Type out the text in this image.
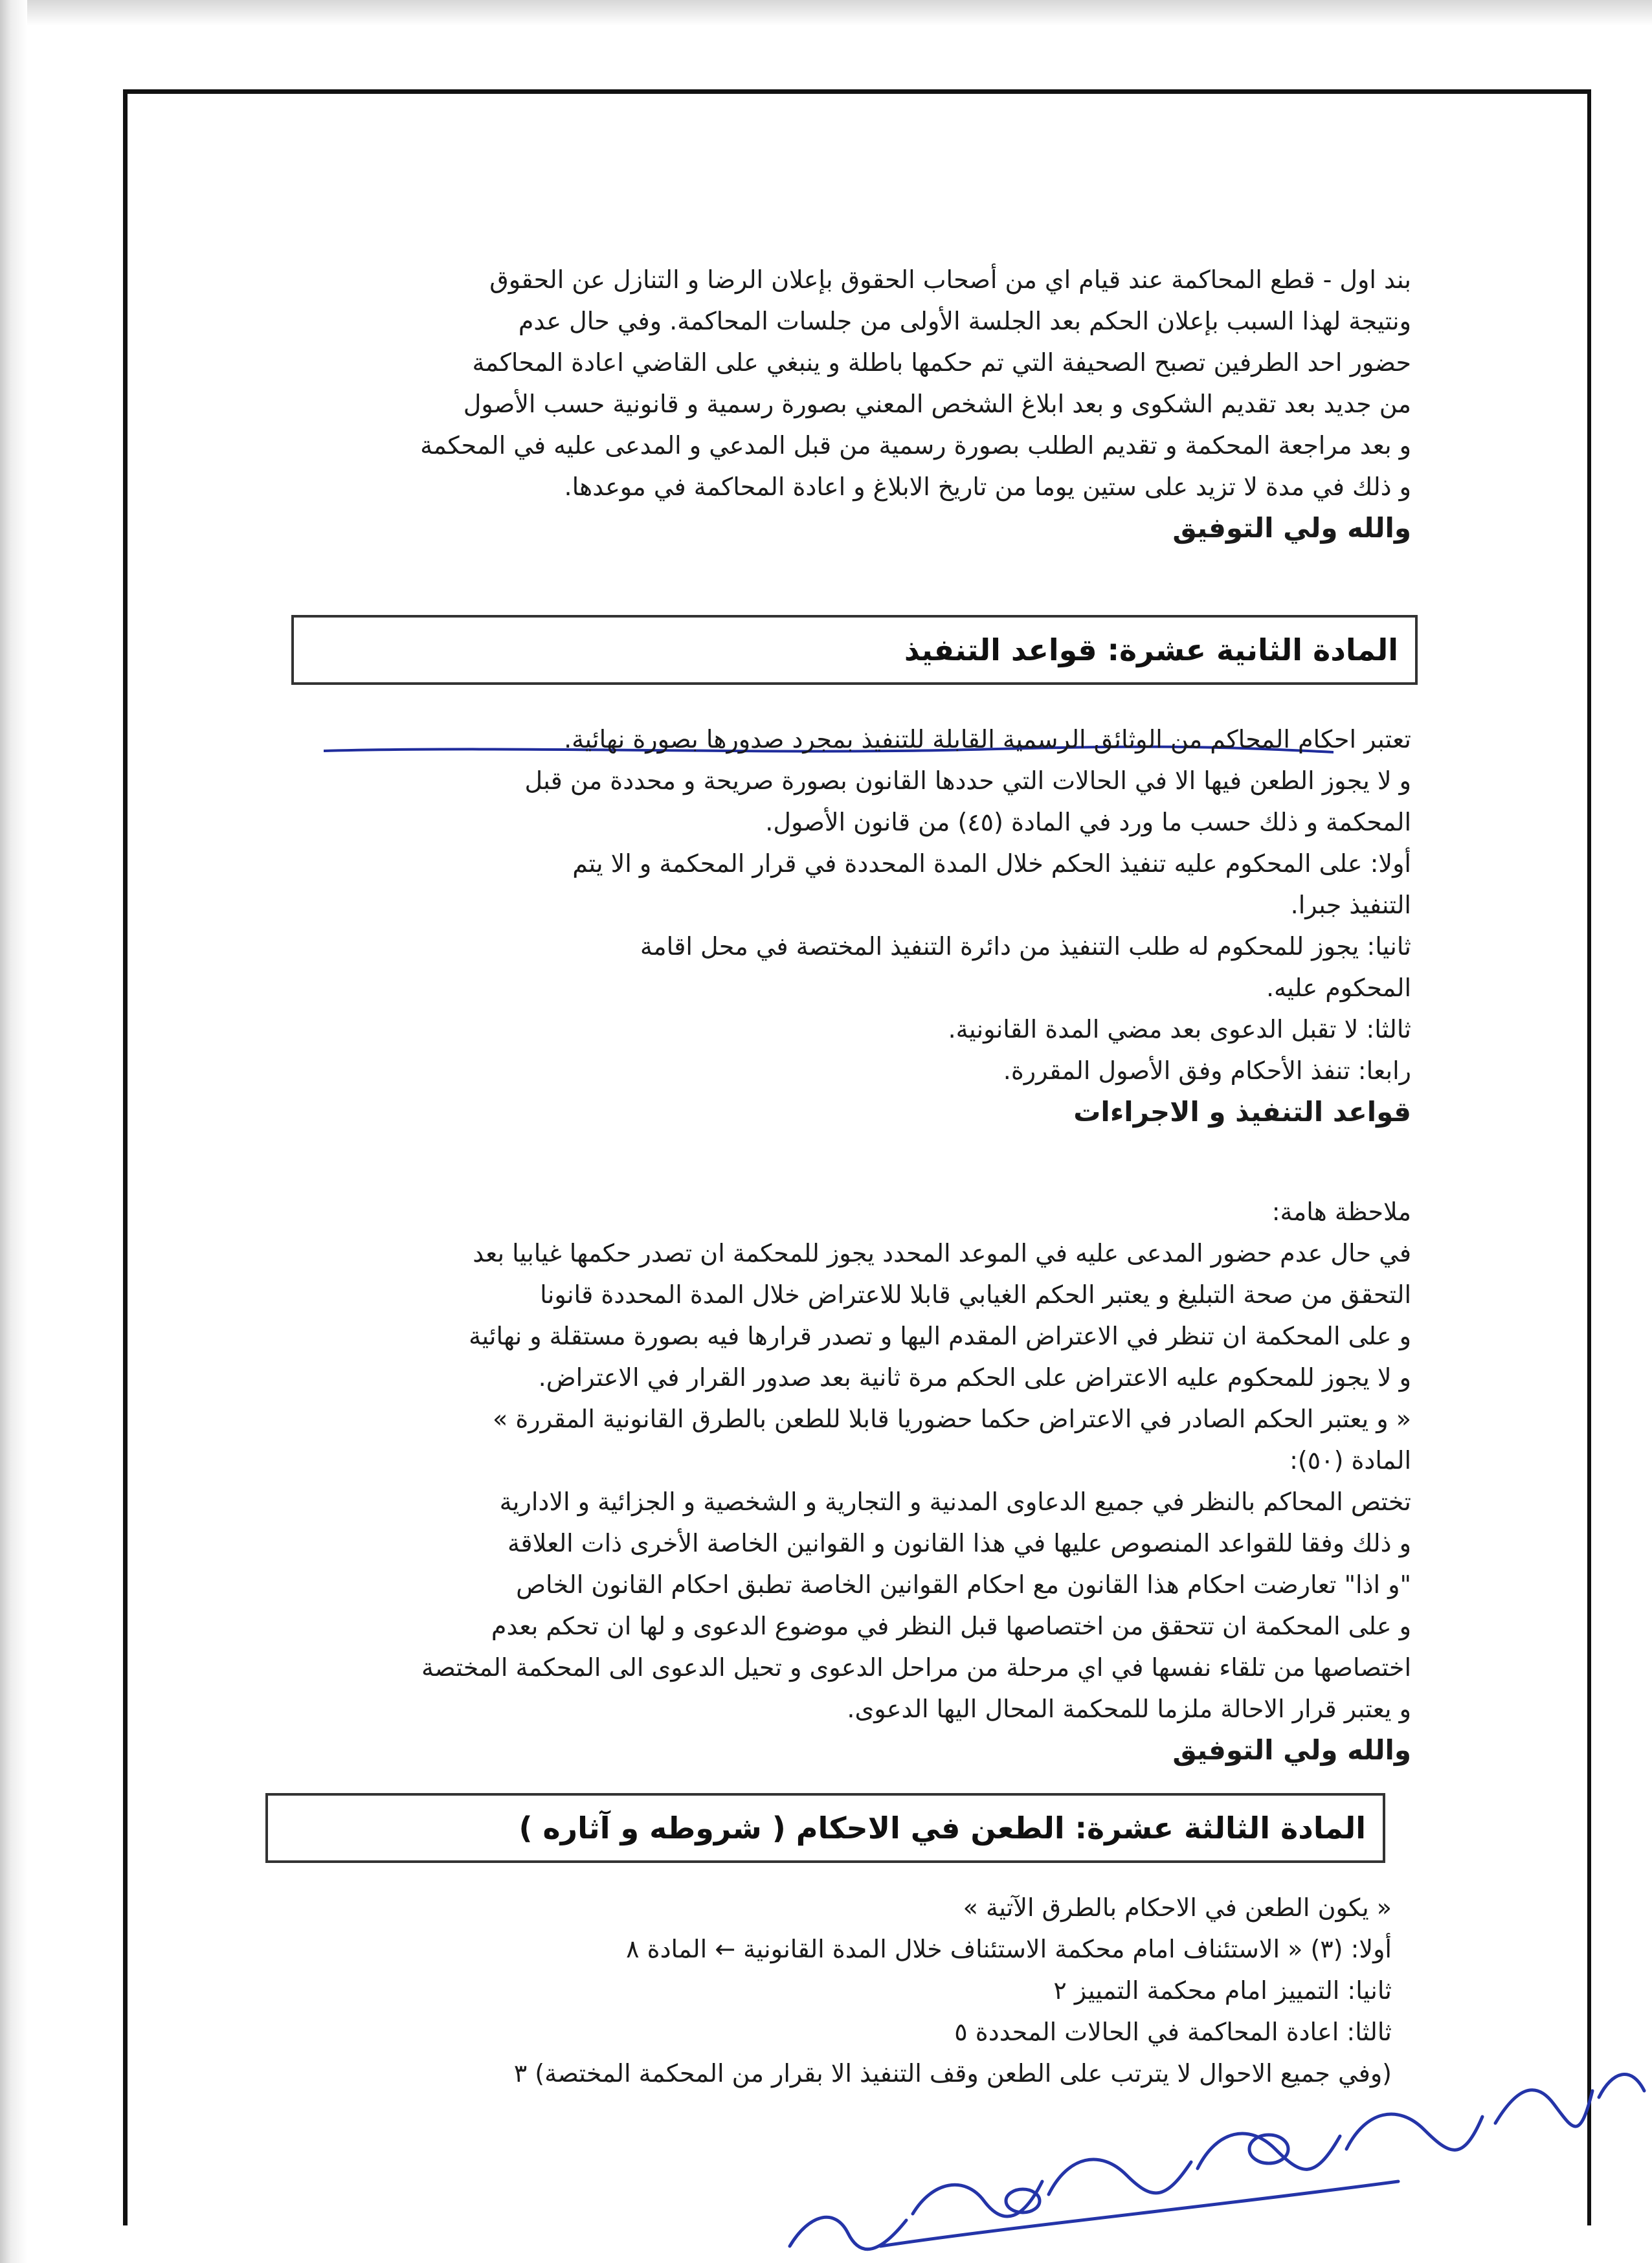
بند اول - قطع المحاكمة عند قيام اي من أصحاب الحقوق بإعلان الرضا و التنازل عن الحقوق
ونتيجة لهذا السبب بإعلان الحكم بعد الجلسة الأولى من جلسات المحاكمة. وفي حال عدم
حضور احد الطرفين تصبح الصحيفة التي تم حكمها باطلة و ينبغي على القاضي اعادة المحاكمة
من جديد بعد تقديم الشكوى و بعد ابلاغ الشخص المعني بصورة رسمية و قانونية حسب الأصول
و بعد مراجعة المحكمة و تقديم الطلب بصورة رسمية من قبل المدعي و المدعى عليه في المحكمة
و ذلك في مدة لا تزيد على ستين يوما من تاريخ الابلاغ و اعادة المحاكمة في موعدها.
والله ولي التوفيق
المادة الثانية عشرة: قواعد التنفيذ
تعتبر احكام المحاكم من الوثائق الرسمية القابلة للتنفيذ بمجرد صدورها بصورة نهائية.
و لا يجوز الطعن فيها الا في الحالات التي حددها القانون بصورة صريحة و محددة من قبل
المحكمة و ذلك حسب ما ورد في المادة (٤٥) من قانون الأصول.
أولا: على المحكوم عليه تنفيذ الحكم خلال المدة المحددة في قرار المحكمة و الا يتم
التنفيذ جبرا.
ثانيا: يجوز للمحكوم له طلب التنفيذ من دائرة التنفيذ المختصة في محل اقامة
المحكوم عليه.
ثالثا: لا تقبل الدعوى بعد مضي المدة القانونية.
رابعا: تنفذ الأحكام وفق الأصول المقررة.
قواعد التنفيذ و الاجراءات
ملاحظة هامة:
في حال عدم حضور المدعى عليه في الموعد المحدد يجوز للمحكمة ان تصدر حكمها غيابيا بعد
التحقق من صحة التبليغ و يعتبر الحكم الغيابي قابلا للاعتراض خلال المدة المحددة قانونا
و على المحكمة ان تنظر في الاعتراض المقدم اليها و تصدر قرارها فيه بصورة مستقلة و نهائية
و لا يجوز للمحكوم عليه الاعتراض على الحكم مرة ثانية بعد صدور القرار في الاعتراض.
« و يعتبر الحكم الصادر في الاعتراض حكما حضوريا قابلا للطعن بالطرق القانونية المقررة »
المادة (٥٠):
تختص المحاكم بالنظر في جميع الدعاوى المدنية و التجارية و الشخصية و الجزائية و الادارية
و ذلك وفقا للقواعد المنصوص عليها في هذا القانون و القوانين الخاصة الأخرى ذات العلاقة
"و اذا" تعارضت احكام هذا القانون مع احكام القوانين الخاصة تطبق احكام القانون الخاص
و على المحكمة ان تتحقق من اختصاصها قبل النظر في موضوع الدعوى و لها ان تحكم بعدم
اختصاصها من تلقاء نفسها في اي مرحلة من مراحل الدعوى و تحيل الدعوى الى المحكمة المختصة
و يعتبر قرار الاحالة ملزما للمحكمة المحال اليها الدعوى.
والله ولي التوفيق
المادة الثالثة عشرة: الطعن في الاحكام ( شروطه و آثاره )
« يكون الطعن في الاحكام بالطرق الآتية »
أولا: (٣) « الاستئناف امام محكمة الاستئناف خلال المدة القانونية ← المادة ٨
ثانيا: التمييز امام محكمة التمييز ٢
ثالثا: اعادة المحاكمة في الحالات المحددة ٥
(وفي جميع الاحوال لا يترتب على الطعن وقف التنفيذ الا بقرار من المحكمة المختصة) ٣
